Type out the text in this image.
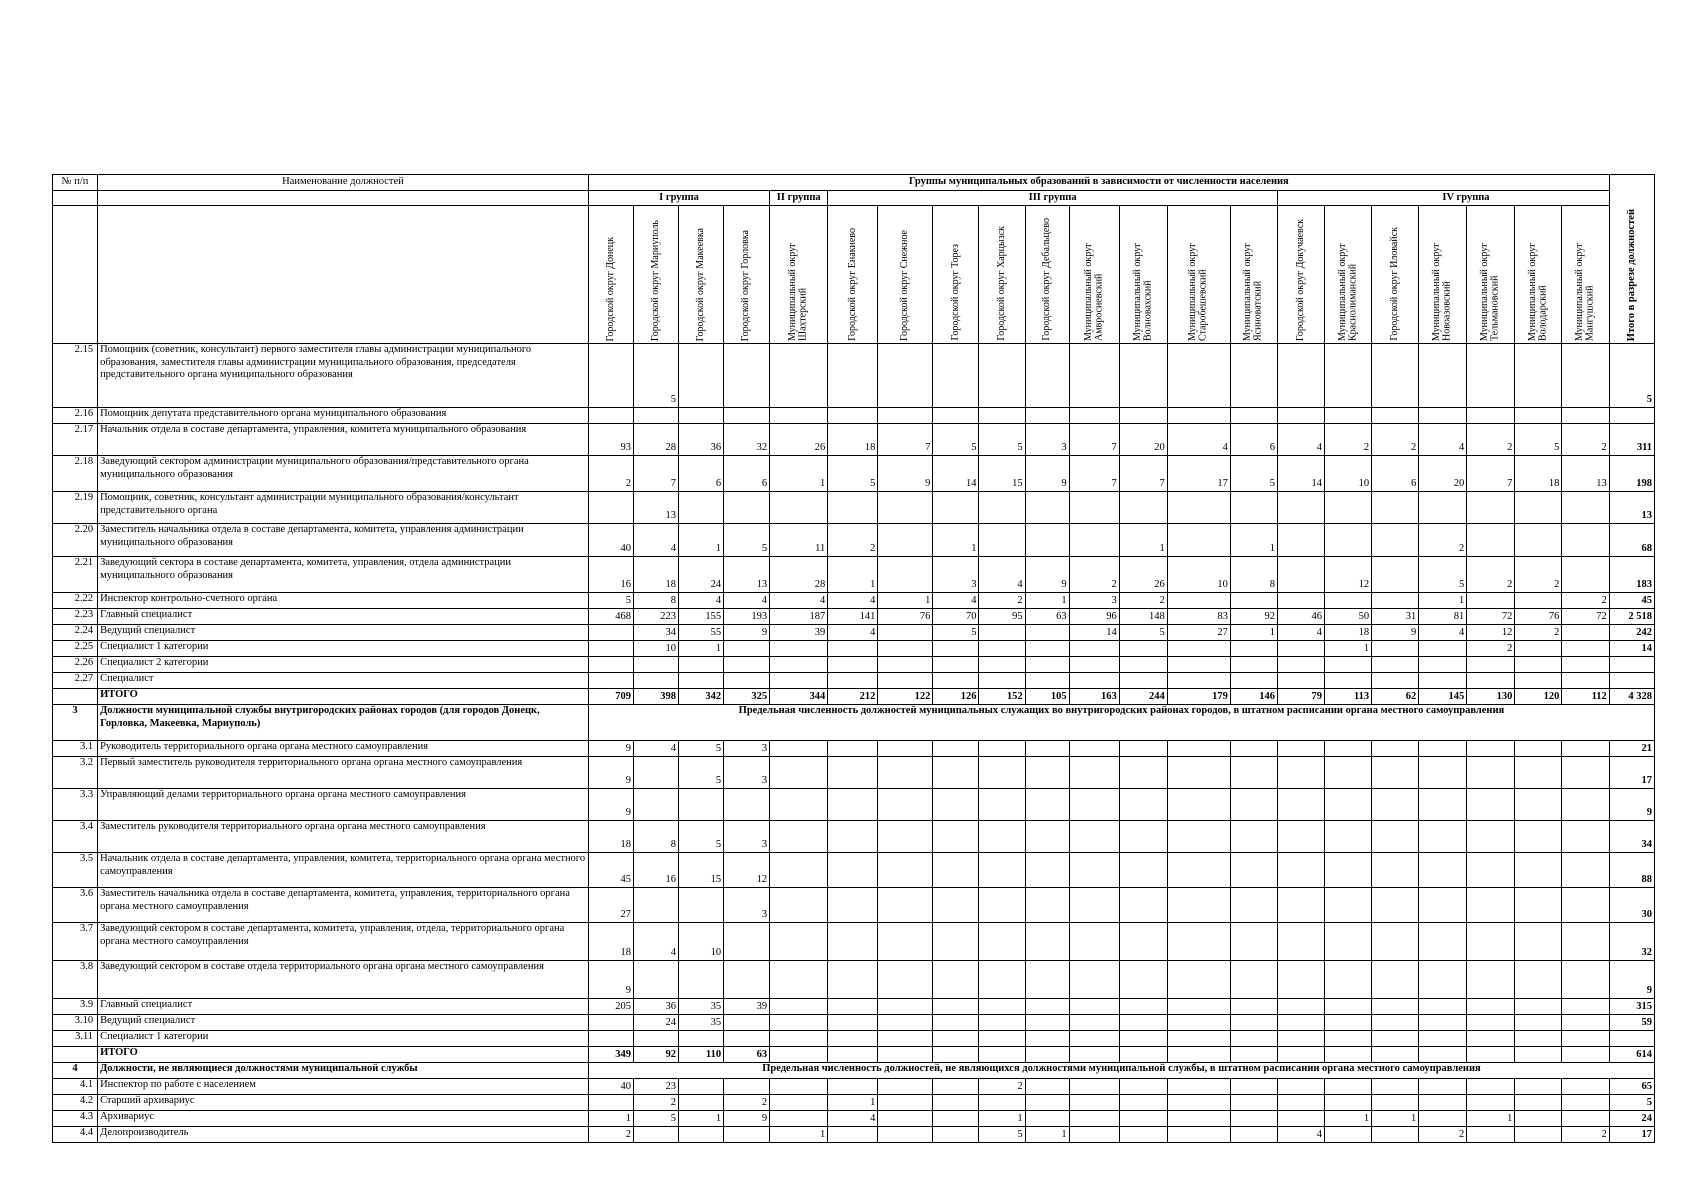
№ п/п	Наименование должностей	Группы муниципальных образований в зависимости от численности населения																					Итого в разрезе должностей

		I группа				II группа	III группа									IV группа							

		Городской округ Донецк	Городской округ Мариуполь	Городской округ Макеевка	Городской округ Горловка	Муниципальный округ Шахтерский	Городской округ Енакиево	Городской округ Снежное	Городской округ Торез	Городской округ Харцызск	Городской округ Дебальцево	Муниципальный округ Амвросиевский	Муниципальный округ Волновахский	Муниципальный округ Старобешевский	Муниципальный округ Ясиноватский	Городской округ Докучаевск	Муниципальный округ Краснолиманский	Городской округ Иловайск	Муниципальный округ Новоазовский	Муниципальный округ Тельмановский	Муниципальный округ Володарский	Муниципальный округ Мангушский	

2.15	Помощник (советник, консультант) первого заместителя главы администрации муниципального образования, заместителя главы администрации муниципального образования, председателя представительного органа муниципального образования		5																				5
2.16	Помощник депутата представительного органа муниципального образования																						
2.17	Начальник отдела в составе департамента, управления, комитета муниципального образования	93	28	36	32	26	18	7	5	5	3	7	20	4	6	4	2	2	4	2	5	2	311
2.18	Заведующий сектором администрации муниципального образования/представительного органа муниципального образования	2	7	6	6	1	5	9	14	15	9	7	7	17	5	14	10	6	20	7	18	13	198
2.19	Помощник, советник, консультант администрации муниципального образования/консультант представительного органа		13																				13
2.20	Заместитель начальника отдела в составе департамента, комитета, управления администрации муниципального образования	40	4	1	5	11	2		1				1		1				2				68
2.21	Заведующий сектора в составе департамента, комитета, управления, отдела администрации муниципального образования	16	18	24	13	28	1		3	4	9	2	26	10	8		12		5	2	2		183
2.22	Инспектор контрольно-счетного органа	5	8	4	4	4	4	1	4	2	1	3	2						1			2	45
2.23	Главный специалист	468	223	155	193	187	141	76	70	95	63	96	148	83	92	46	50	31	81	72	76	72	2 518
2.24	Ведущий специалист		34	55	9	39	4		5			14	5	27	1	4	18	9	4	12	2		242
2.25	Специалист 1 категории		10	1													1			2			14
2.26	Специалист 2 категории																						
2.27	Специалист																						
	ИТОГО	709	398	342	325	344	212	122	126	152	105	163	244	179	146	79	113	62	145	130	120	112	4 328
3	Должности муниципальной службы внутригородских районах городов (для городов Донецк, Горловка, Макеевка, Мариуполь)	Предельная численность должностей муниципальных служащих во внутригородских районах городов, в штатном расписании органа местного самоуправления																					
3.1	Руководитель территориального органа органа местного самоуправления	9	4	5	3																		21
3.2	Первый заместитель руководителя территориального органа органа местного самоуправления	9		5	3																		17
3.3	Управляющий делами территориального органа органа местного самоуправления	9																					9
3.4	Заместитель руководителя территориального органа органа местного самоуправления	18	8	5	3																		34
3.5	Начальник отдела в составе департамента, управления, комитета, территориального органа органа местного самоуправления	45	16	15	12																		88
3.6	Заместитель начальника отдела в составе департамента, комитета, управления, территориального органа органа местного самоуправления	27			3																		30
3.7	Заведующий сектором в составе департамента, комитета, управления, отдела, территориального органа органа местного самоуправления	18	4	10																			32
3.8	Заведующий сектором в составе отдела территориального органа органа местного самоуправления	9																					9
3.9	Главный специалист	205	36	35	39																		315
3.10	Ведущий специалист		24	35																			59
3.11	Специалист 1 категории																						
	ИТОГО	349	92	110	63																		614
4	Должности, не являющиеся должностями муниципальной службы	Предельная численность должностей, не являющихся должностями муниципальной службы, в штатном расписании органа местного самоуправления																					
4.1	Инспектор по работе с населением	40	23							2													65
4.2	Старший архивариус		2		2		1																5
4.3	Архивариус	1	5	1	9		4			1							1	1		1			24
4.4	Делопроизводитель	2				1				5	1					4			2			2	17
